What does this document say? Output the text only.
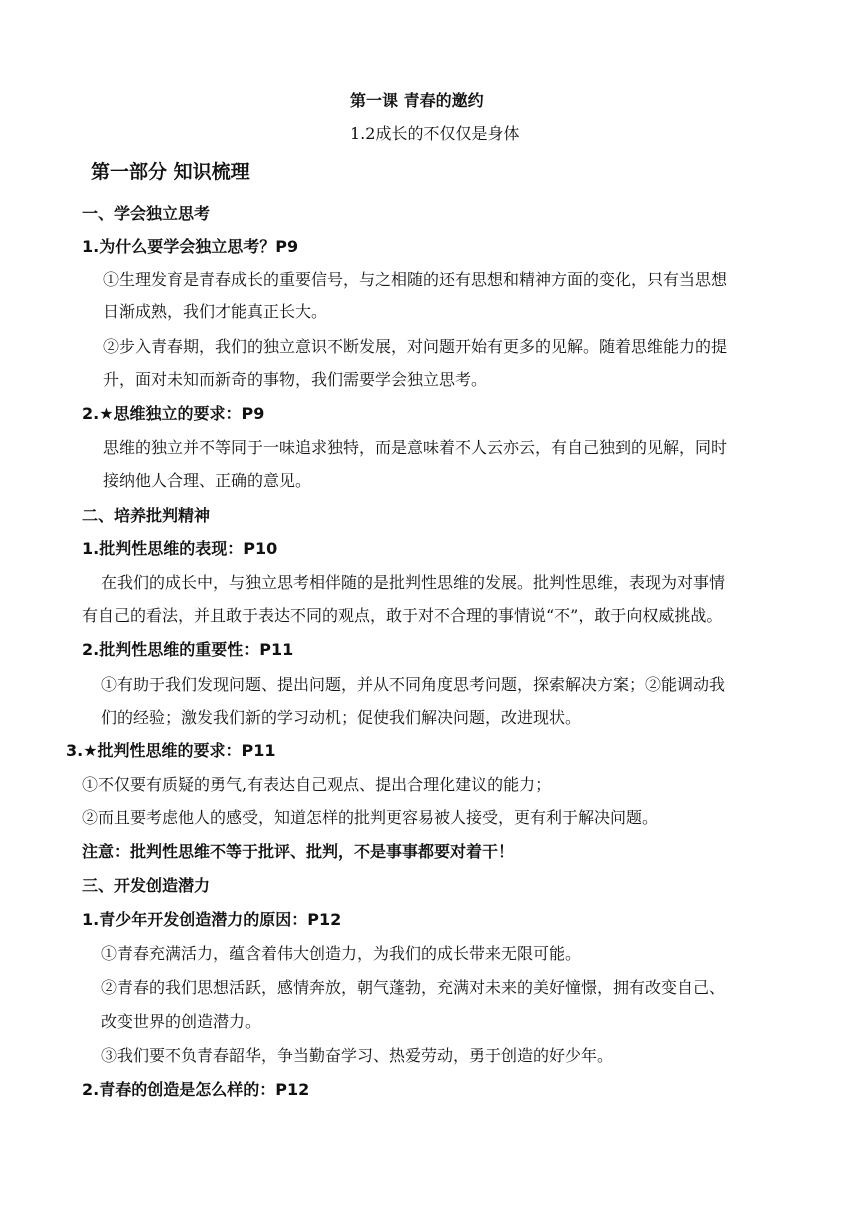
第一课 青春的邀约
1.2成长的不仅仅是身体
第一部分 知识梳理
一、学会独立思考
1.为什么要学会独立思考？P9
①生理发育是青春成长的重要信号，与之相随的还有思想和精神方面的变化，只有当思想
日渐成熟，我们才能真正长大。
②步入青春期，我们的独立意识不断发展，对问题开始有更多的见解。随着思维能力的提
升，面对未知而新奇的事物，我们需要学会独立思考。
2.★思维独立的要求：P9
思维的独立并不等同于一味追求独特，而是意味着不人云亦云，有自己独到的见解，同时
接纳他人合理、正确的意见。
二、培养批判精神
1.批判性思维的表现：P10
在我们的成长中，与独立思考相伴随的是批判性思维的发展。批判性思维，表现为对事情
有自己的看法，并且敢于表达不同的观点，敢于对不合理的事情说“不”，敢于向权威挑战。
2.批判性思维的重要性：P11
①有助于我们发现问题、提出问题，并从不同角度思考问题，探索解决方案；②能调动我
们的经验；激发我们新的学习动机；促使我们解决问题，改进现状。
3.★批判性思维的要求：P11
①不仅要有质疑的勇气,有表达自己观点、提出合理化建议的能力；
②而且要考虑他人的感受，知道怎样的批判更容易被人接受，更有利于解决问题。
注意：批判性思维不等于批评、批判，不是事事都要对着干！
三、开发创造潜力
1.青少年开发创造潜力的原因：P12
①青春充满活力，蕴含着伟大创造力，为我们的成长带来无限可能。
②青春的我们思想活跃，感情奔放，朝气蓬勃，充满对未来的美好憧憬，拥有改变自己、
改变世界的创造潜力。
③我们要不负青春韶华，争当勤奋学习、热爱劳动，勇于创造的好少年。
2.青春的创造是怎么样的：P12
